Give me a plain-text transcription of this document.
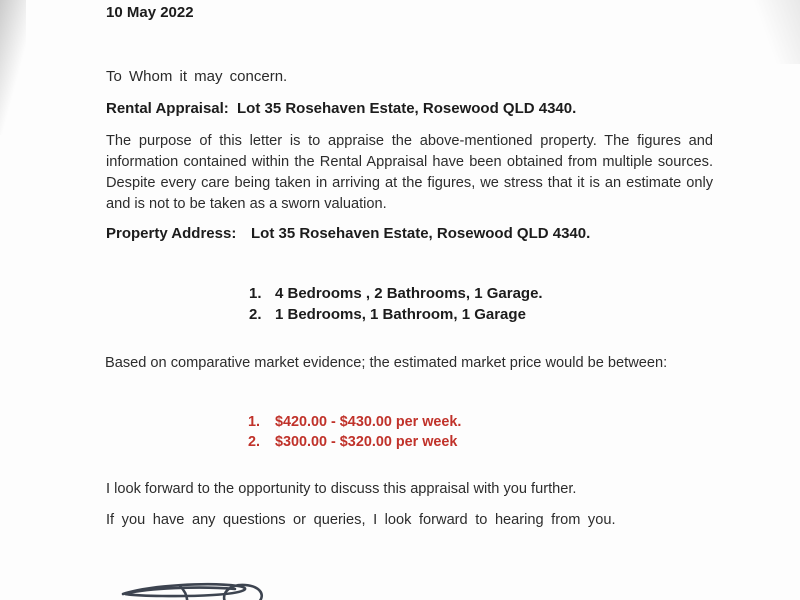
10 May 2022
To Whom it may concern.
Rental Appraisal: Lot 35 Rosehaven Estate, Rosewood QLD 4340.

The purpose of this letter is to appraise the above-mentioned property. The figures and information contained within the Rental Appraisal have been obtained from multiple sources. Despite every care being taken in arriving at the figures, we stress that it is an estimate only and is not to be taken as a sworn valuation.

Property Address: Lot 35 Rosehaven Estate, Rosewood QLD 4340.
1. 4 Bedrooms , 2 Bathrooms, 1 Garage.
2. 1 Bedrooms, 1 Bathroom, 1 Garage
Based on comparative market evidence; the estimated market price would be between:
1. $420.00 - $430.00 per week.
2. $300.00 - $320.00 per week
I look forward to the opportunity to discuss this appraisal with you further.
If you have any questions or queries, I look forward to hearing from you.
